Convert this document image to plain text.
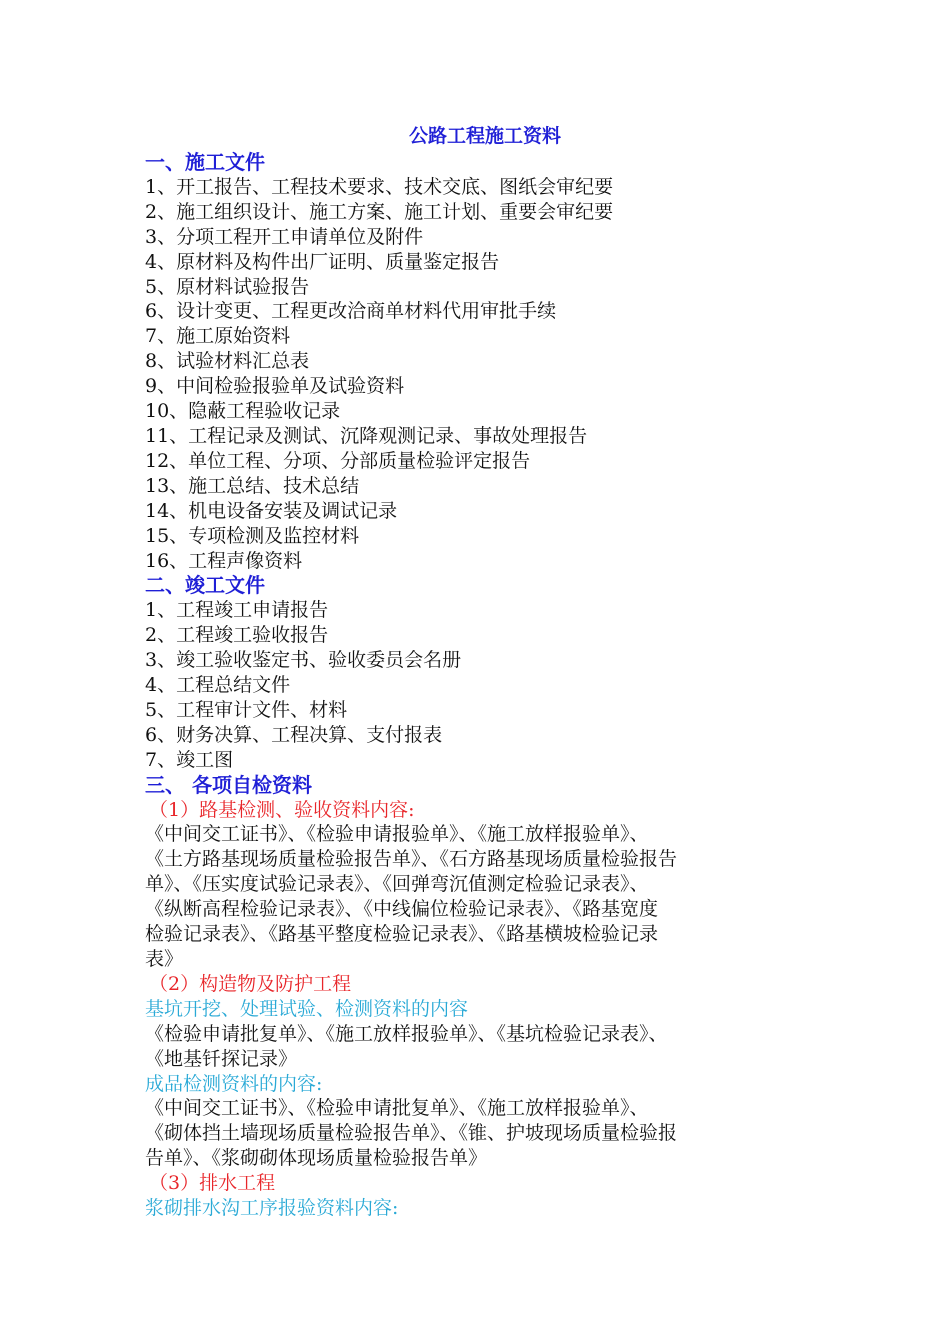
公路工程施工资料
一、施工文件
1、开工报告、工程技术要求、技术交底、图纸会审纪要
2、施工组织设计、施工方案、施工计划、重要会审纪要
3、分项工程开工申请单位及附件
4、原材料及构件出厂证明、质量鉴定报告
5、原材料试验报告
6、设计变更、工程更改洽商单材料代用审批手续
7、施工原始资料
8、试验材料汇总表
9、中间检验报验单及试验资料
10、隐蔽工程验收记录
11、工程记录及测试、沉降观测记录、事故处理报告
12、单位工程、分项、分部质量检验评定报告
13、施工总结、技术总结
14、机电设备安装及调试记录
15、专项检测及监控材料
16、工程声像资料
二、竣工文件
1、工程竣工申请报告
2、工程竣工验收报告
3、竣工验收鉴定书、验收委员会名册
4、工程总结文件
5、工程审计文件、材料
6、财务决算、工程决算、支付报表
7、竣工图
三、 各项自检资料
（1）路基检测、验收资料内容:
《中间交工证书》、《检验申请报验单》、《施工放样报验单》、
《土方路基现场质量检验报告单》、《石方路基现场质量检验报告
单》、《压实度试验记录表》、《回弹弯沉值测定检验记录表》、
《纵断高程检验记录表》、《中线偏位检验记录表》、《路基宽度
检验记录表》、《路基平整度检验记录表》、《路基横坡检验记录
表》
（2）构造物及防护工程
基坑开挖、处理试验、检测资料的内容
《检验申请批复单》、《施工放样报验单》、《基坑检验记录表》、
《地基钎探记录》
成品检测资料的内容:
《中间交工证书》、《检验申请批复单》、《施工放样报验单》、
《砌体挡土墙现场质量检验报告单》、《锥、护坡现场质量检验报
告单》、《浆砌砌体现场质量检验报告单》
（3）排水工程
浆砌排水沟工序报验资料内容:
